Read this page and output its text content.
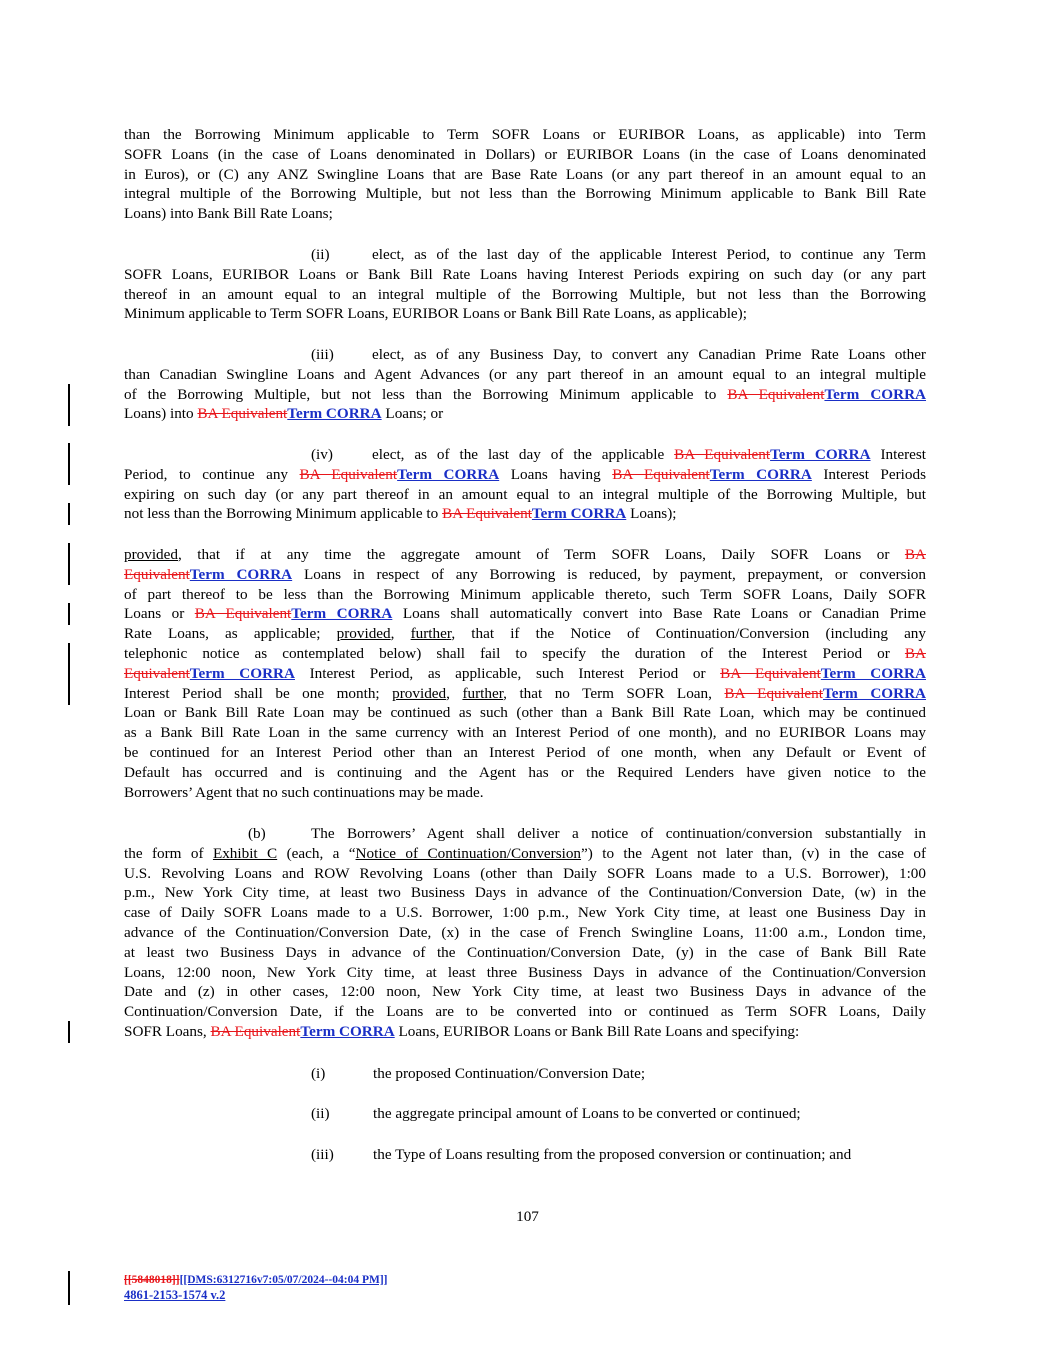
than the Borrowing Minimum applicable to Term SOFR Loans or EURIBOR Loans, as applicable) into Term
SOFR Loans (in the case of Loans denominated in Dollars) or EURIBOR Loans (in the case of Loans denominated
in Euros), or (C) any ANZ Swingline Loans that are Base Rate Loans (or any part thereof in an amount equal to an
integral multiple of the Borrowing Multiple, but not less than the Borrowing Minimum applicable to Bank Bill Rate
Loans) into Bank Bill Rate Loans;
(ii)	elect, as of the last day of the applicable Interest Period, to continue any Term
SOFR Loans, EURIBOR Loans or Bank Bill Rate Loans having Interest Periods expiring on such day (or any part
thereof in an amount equal to an integral multiple of the Borrowing Multiple, but not less than the Borrowing
Minimum applicable to Term SOFR Loans, EURIBOR Loans or Bank Bill Rate Loans, as applicable);
(iii)	elect, as of any Business Day, to convert any Canadian Prime Rate Loans other
than Canadian Swingline Loans and Agent Advances (or any part thereof in an amount equal to an integral multiple
of the Borrowing Multiple, but not less than the Borrowing Minimum applicable to BA EquivalentTerm CORRA
Loans) into BA EquivalentTerm CORRA Loans; or
(iv)	elect, as of the last day of the applicable BA EquivalentTerm CORRA Interest
Period, to continue any BA EquivalentTerm CORRA Loans having BA EquivalentTerm CORRA Interest Periods
expiring on such day (or any part thereof in an amount equal to an integral multiple of the Borrowing Multiple, but
not less than the Borrowing Minimum applicable to BA EquivalentTerm CORRA Loans);
provided, that if at any time the aggregate amount of Term SOFR Loans, Daily SOFR Loans or BA
EquivalentTerm CORRA Loans in respect of any Borrowing is reduced, by payment, prepayment, or conversion
of part thereof to be less than the Borrowing Minimum applicable thereto, such Term SOFR Loans, Daily SOFR
Loans or BA EquivalentTerm CORRA Loans shall automatically convert into Base Rate Loans or Canadian Prime
Rate Loans, as applicable; provided, further, that if the Notice of Continuation/Conversion (including any
telephonic notice as contemplated below) shall fail to specify the duration of the Interest Period or BA
EquivalentTerm CORRA Interest Period, as applicable, such Interest Period or BA EquivalentTerm CORRA
Interest Period shall be one month; provided, further, that no Term SOFR Loan, BA EquivalentTerm CORRA
Loan or Bank Bill Rate Loan may be continued as such (other than a Bank Bill Rate Loan, which may be continued
as a Bank Bill Rate Loan in the same currency with an Interest Period of one month), and no EURIBOR Loans may
be continued for an Interest Period other than an Interest Period of one month, when any Default or Event of
Default has occurred and is continuing and the Agent has or the Required Lenders have given notice to the
Borrowers’ Agent that no such continuations may be made.
(b)	The Borrowers’ Agent shall deliver a notice of continuation/conversion substantially in
the form of Exhibit C (each, a “Notice of Continuation/Conversion”) to the Agent not later than, (v) in the case of
U.S. Revolving Loans and ROW Revolving Loans (other than Daily SOFR Loans made to a U.S. Borrower), 1:00
p.m., New York City time, at least two Business Days in advance of the Continuation/Conversion Date, (w) in the
case of Daily SOFR Loans made to a U.S. Borrower, 1:00 p.m., New York City time, at least one Business Day in
advance of the Continuation/Conversion Date, (x) in the case of French Swingline Loans, 11:00 a.m., London time,
at least two Business Days in advance of the Continuation/Conversion Date, (y) in the case of Bank Bill Rate
Loans, 12:00 noon, New York City time, at least three Business Days in advance of the Continuation/Conversion
Date and (z) in other cases, 12:00 noon, New York City time, at least two Business Days in advance of the
Continuation/Conversion Date, if the Loans are to be converted into or continued as Term SOFR Loans, Daily
SOFR Loans, BA EquivalentTerm CORRA Loans, EURIBOR Loans or Bank Bill Rate Loans and specifying:
(i)	the proposed Continuation/Conversion Date;
(ii)	the aggregate principal amount of Loans to be converted or continued;
(iii)	the Type of Loans resulting from the proposed conversion or continuation; and
107
[[5848018]][[DMS:6312716v7:05/07/2024--04:04 PM]]
4861-2153-1574 v.2
